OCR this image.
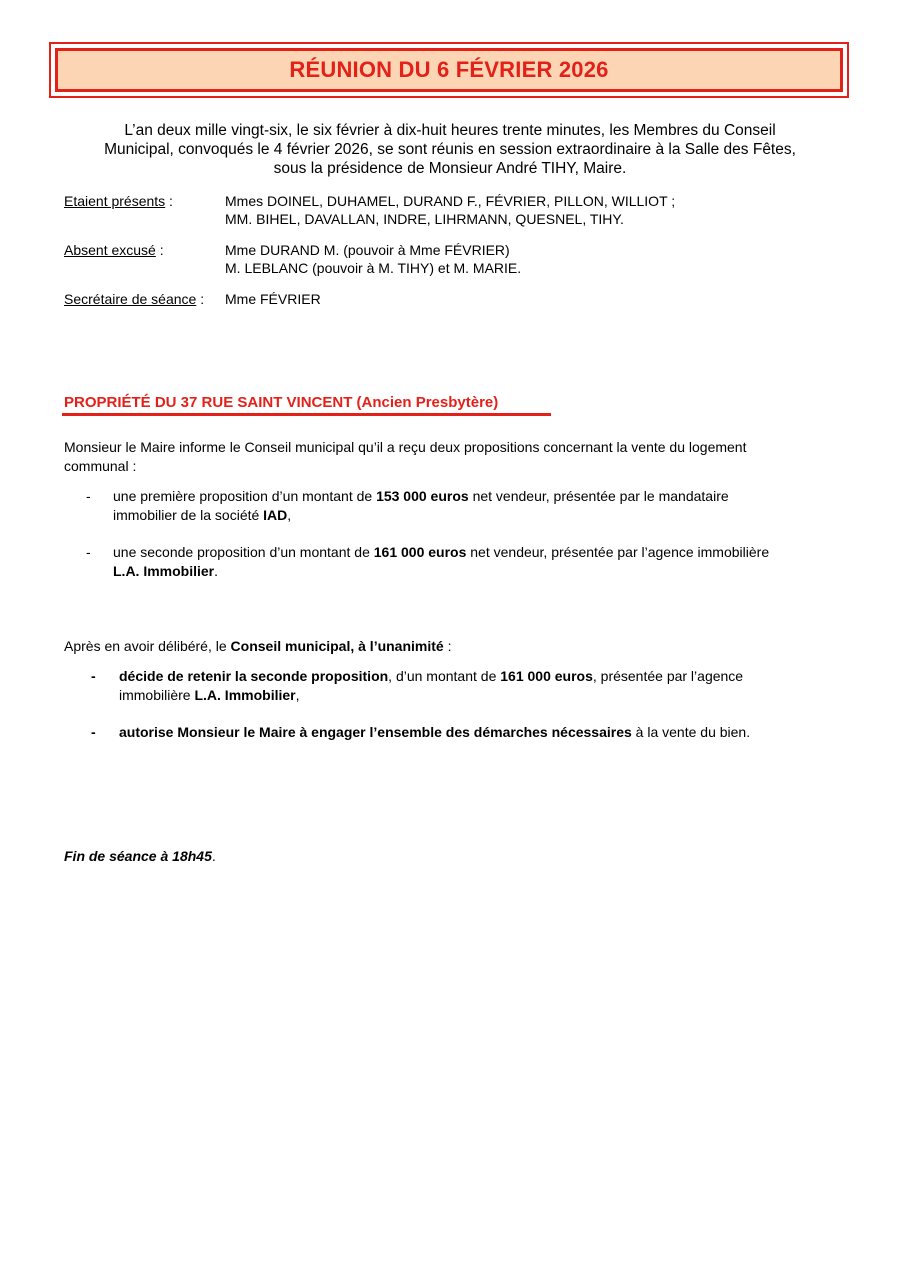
RÉUNION DU 6 FÉVRIER 2026
L’an deux mille vingt-six, le six février à dix-huit heures trente minutes, les Membres du Conseil
Municipal, convoqués le 4 février 2026, se sont réunis en session extraordinaire à la Salle des Fêtes,
sous la présidence de Monsieur André TIHY, Maire.
Etaient présents :	Mmes DOINEL, DUHAMEL, DURAND F., FÉVRIER, PILLON, WILLIOT ;
MM. BIHEL, DAVALLAN, INDRE, LIHRMANN, QUESNEL, TIHY.
Absent excusé :	Mme DURAND M. (pouvoir à Mme FÉVRIER)
M. LEBLANC (pouvoir à M. TIHY) et M. MARIE.
Secrétaire de séance : Mme FÉVRIER
PROPRIÉTÉ DU 37 RUE SAINT VINCENT (Ancien Presbytère)
Monsieur le Maire informe le Conseil municipal qu’il a reçu deux propositions concernant la vente du logement
communal :
- une première proposition d’un montant de 153 000 euros net vendeur, présentée par le mandataire
immobilier de la société IAD,
- une seconde proposition d’un montant de 161 000 euros net vendeur, présentée par l’agence immobilière
L.A. Immobilier.
Après en avoir délibéré, le Conseil municipal, à l’unanimité :
- décide de retenir la seconde proposition, d’un montant de 161 000 euros, présentée par l’agence
immobilière L.A. Immobilier,
- autorise Monsieur le Maire à engager l’ensemble des démarches nécessaires à la vente du bien.
Fin de séance à 18h45.
